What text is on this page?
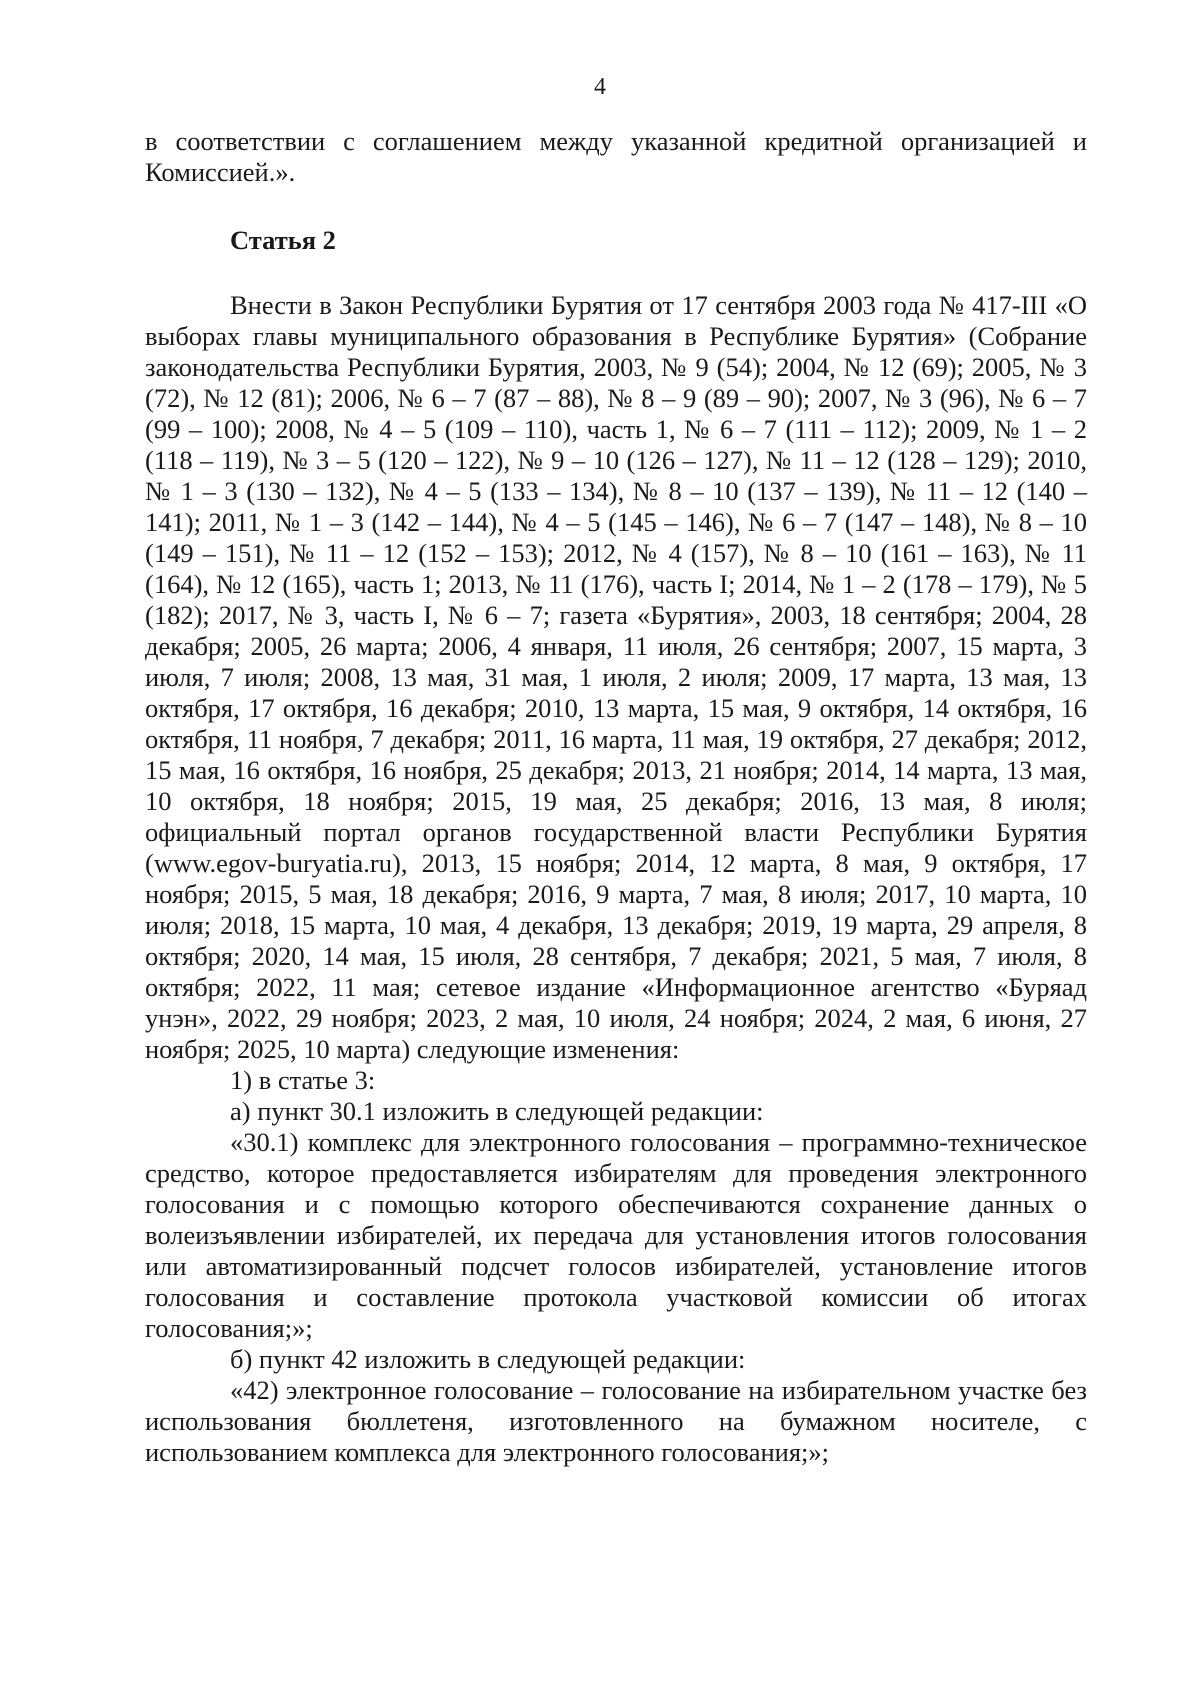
4

в соответствии с соглашением между указанной кредитной организацией и Комиссией.».

Статья 2

Внести в Закон Республики Бурятия от 17 сентября 2003 года № 417-III «О выборах главы муниципального образования в Республике Бурятия» (Собрание законодательства Республики Бурятия, 2003, № 9 (54); 2004, № 12 (69); 2005, № 3 (72), № 12 (81); 2006, № 6 – 7 (87 – 88), № 8 – 9 (89 – 90); 2007, № 3 (96), № 6 – 7 (99 – 100); 2008, № 4 – 5 (109 – 110), часть 1, № 6 – 7 (111 – 112); 2009, № 1 – 2 (118 – 119), № 3 – 5 (120 – 122), № 9 – 10 (126 – 127), № 11 – 12 (128 – 129); 2010, № 1 – 3 (130 – 132), № 4 – 5 (133 – 134), № 8 – 10 (137 – 139), № 11 – 12 (140 – 141); 2011, № 1 – 3 (142 – 144), № 4 – 5 (145 – 146), № 6 – 7 (147 – 148), № 8 – 10 (149 – 151), № 11 – 12 (152 – 153); 2012, № 4 (157), № 8 – 10 (161 – 163), № 11 (164), № 12 (165), часть 1; 2013, № 11 (176), часть I; 2014, № 1 – 2 (178 – 179), № 5 (182); 2017, № 3, часть I, № 6 – 7; газета «Бурятия», 2003, 18 сентября; 2004, 28 декабря; 2005, 26 марта; 2006, 4 января, 11 июля, 26 сентября; 2007, 15 марта, 3 июля, 7 июля; 2008, 13 мая, 31 мая, 1 июля, 2 июля; 2009, 17 марта, 13 мая, 13 октября, 17 октября, 16 декабря; 2010, 13 марта, 15 мая, 9 октября, 14 октября, 16 октября, 11 ноября, 7 декабря; 2011, 16 марта, 11 мая, 19 октября, 27 декабря; 2012, 15 мая, 16 октября, 16 ноября, 25 декабря; 2013, 21 ноября; 2014, 14 марта, 13 мая, 10 октября, 18 ноября; 2015, 19 мая, 25 декабря; 2016, 13 мая, 8 июля; официальный портал органов государственной власти Республики Бурятия (www.egov-buryatia.ru), 2013, 15 ноября; 2014, 12 марта, 8 мая, 9 октября, 17 ноября; 2015, 5 мая, 18 декабря; 2016, 9 марта, 7 мая, 8 июля; 2017, 10 марта, 10 июля; 2018, 15 марта, 10 мая, 4 декабря, 13 декабря; 2019, 19 марта, 29 апреля, 8 октября; 2020, 14 мая, 15 июля, 28 сентября, 7 декабря; 2021, 5 мая, 7 июля, 8 октября; 2022, 11 мая; сетевое издание «Информационное агентство «Буряад унэн», 2022, 29 ноября; 2023, 2 мая, 10 июля, 24 ноября; 2024, 2 мая, 6 июня, 27 ноября; 2025, 10 марта) следующие изменения:

1) в статье 3:

а) пункт 30.1 изложить в следующей редакции:

«30.1) комплекс для электронного голосования – программно-техническое средство, которое предоставляется избирателям для проведения электронного голосования и с помощью которого обеспечиваются сохранение данных о волеизъявлении избирателей, их передача для установления итогов голосования или автоматизированный подсчет голосов избирателей, установление итогов голосования и составление протокола участковой комиссии об итогах голосования;»;

б) пункт 42 изложить в следующей редакции:

«42) электронное голосование – голосование на избирательном участке без использования бюллетеня, изготовленного на бумажном носителе, с использованием комплекса для электронного голосования;»;
